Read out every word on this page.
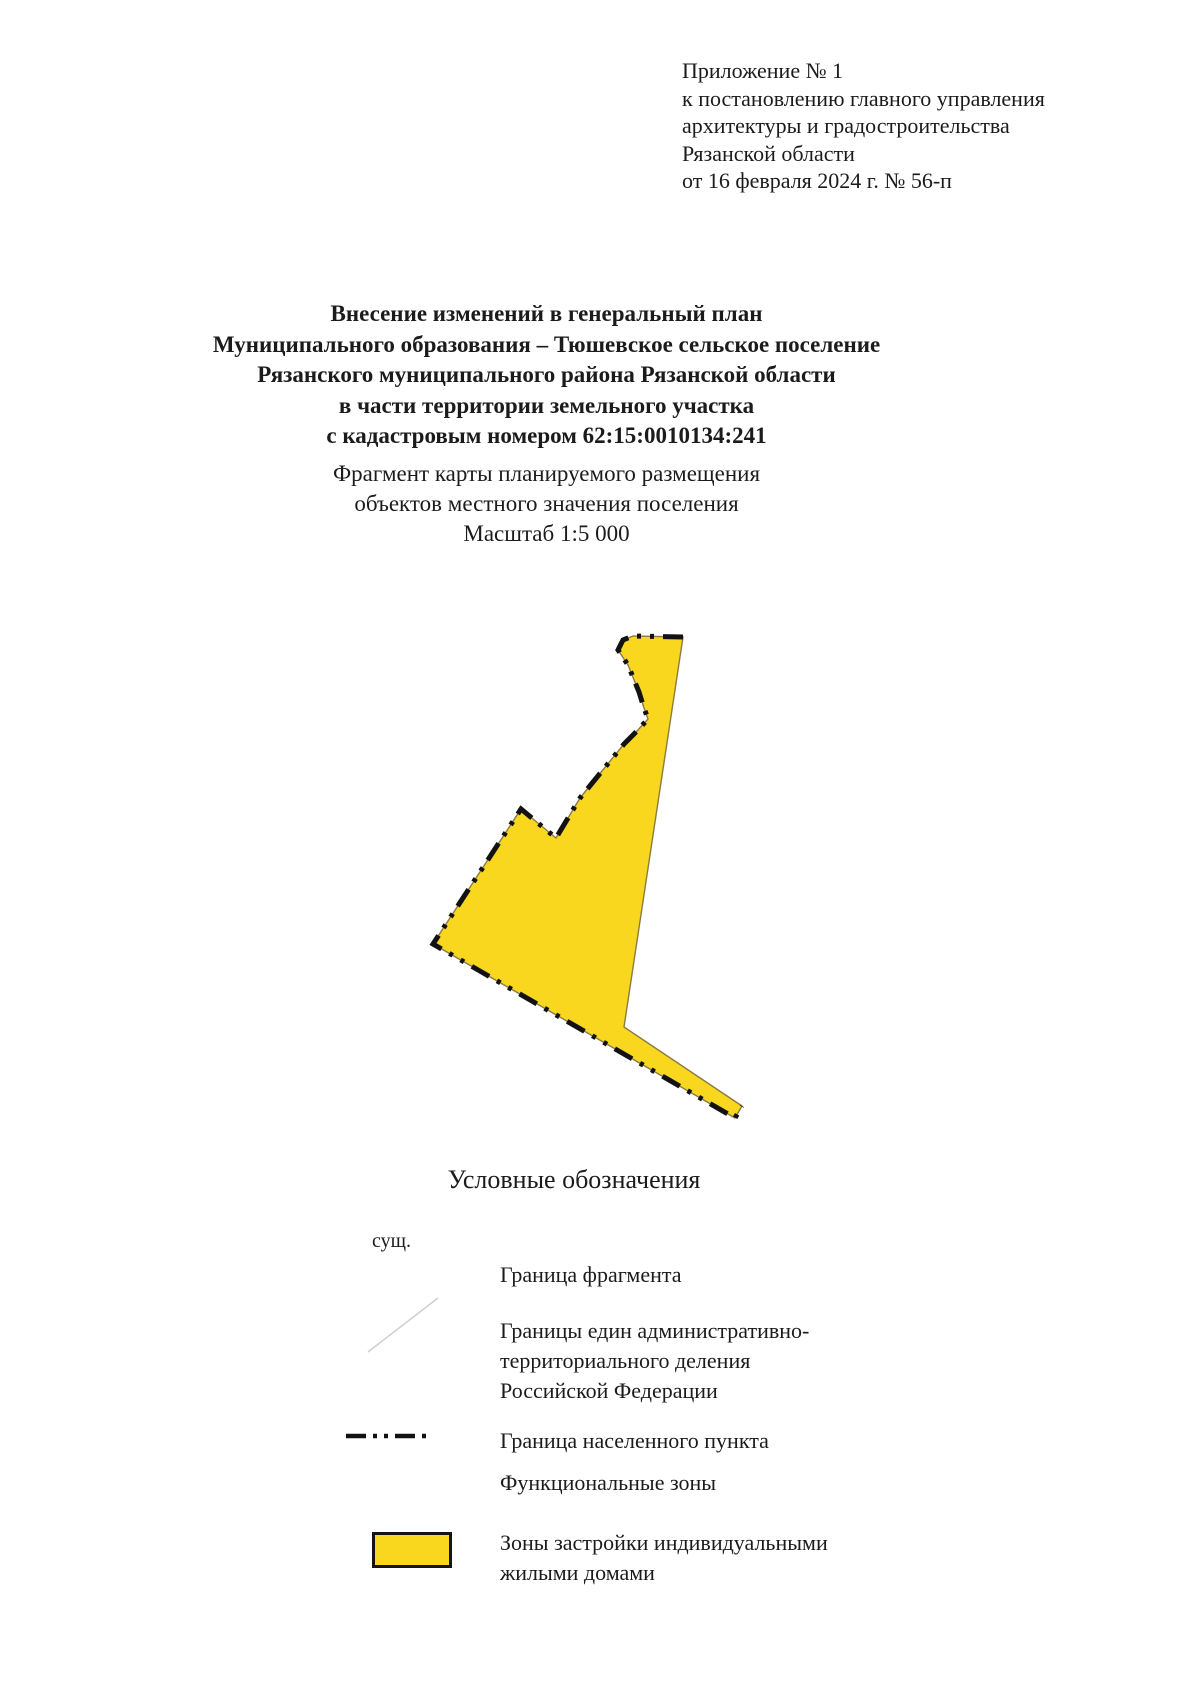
Приложение № 1
к постановлению главного управления
архитектуры и градостроительства
Рязанской области
от 16 февраля 2024 г. № 56-п
Внесение изменений в генеральный план
Муниципального образования – Тюшевское сельское поселение
Рязанского муниципального района Рязанской области
в части территории земельного участка
с кадастровым номером 62:15:0010134:241
Фрагмент карты планируемого размещения
объектов местного значения поселения
Масштаб 1:5 000
Условные обозначения
сущ.
Граница фрагмента
Границы един административно-
территориального деления
Российской Федерации
Граница населенного пункта
Функциональные зоны
Зоны застройки индивидуальными
жилыми домами
